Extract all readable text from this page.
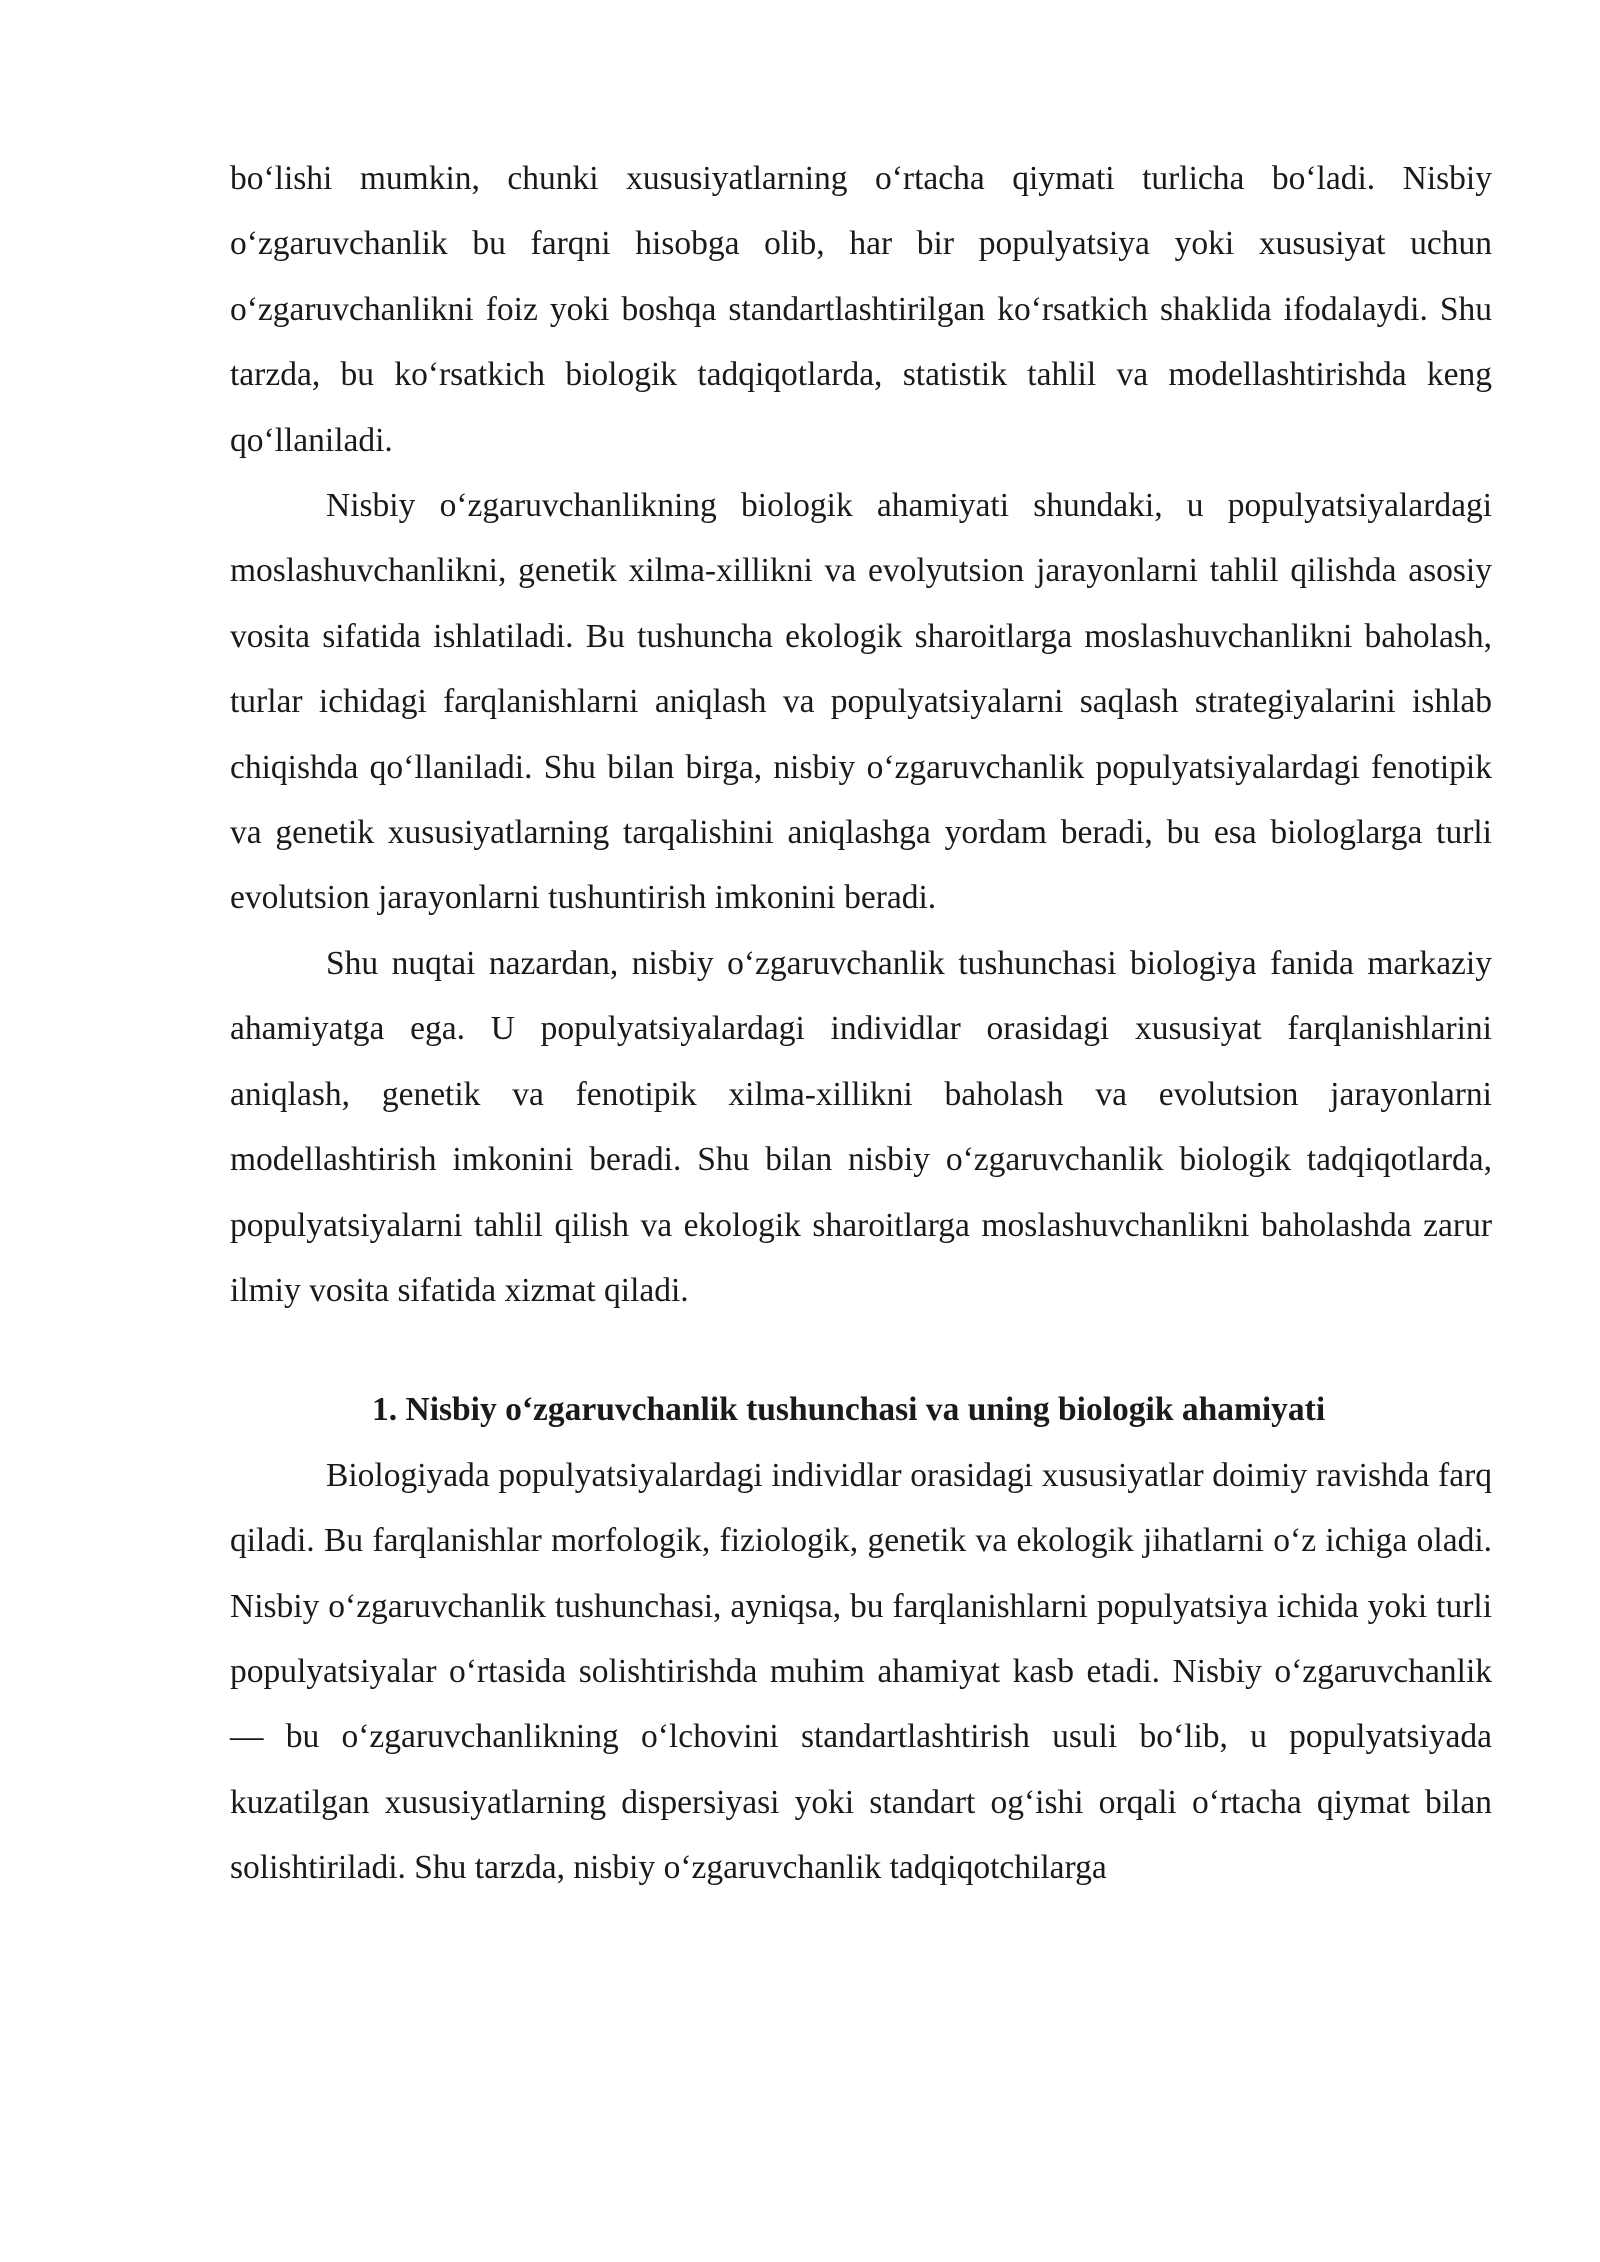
bo‘lishi mumkin, chunki xususiyatlarning o‘rtacha qiymati turlicha bo‘ladi. Nisbiy o‘zgaruvchanlik bu farqni hisobga olib, har bir populyatsiya yoki xususiyat uchun o‘zgaruvchanlikni foiz yoki boshqa standartlashtirilgan ko‘rsatkich shaklida ifodalaydi. Shu tarzda, bu ko‘rsatkich biologik tadqiqotlarda, statistik tahlil va modellashtirishda keng qo‘llaniladi.

Nisbiy o‘zgaruvchanlikning biologik ahamiyati shundaki, u populyatsiyalardagi moslashuvchanlikni, genetik xilma-xillikni va evolyutsion jarayonlarni tahlil qilishda asosiy vosita sifatida ishlatiladi. Bu tushuncha ekologik sharoitlarga moslashuvchanlikni baholash, turlar ichidagi farqlanishlarni aniqlash va populyatsiyalarni saqlash strategiyalarini ishlab chiqishda qo‘llaniladi. Shu bilan birga, nisbiy o‘zgaruvchanlik populyatsiyalardagi fenotipik va genetik xususiyatlarning tarqalishini aniqlashga yordam beradi, bu esa biologlarga turli evolutsion jarayonlarni tushuntirish imkonini beradi.

Shu nuqtai nazardan, nisbiy o‘zgaruvchanlik tushunchasi biologiya fanida markaziy ahamiyatga ega. U populyatsiyalardagi individlar orasidagi xususiyat farqlanishlarini aniqlash, genetik va fenotipik xilma-xillikni baholash va evolutsion jarayonlarni modellashtirish imkonini beradi. Shu bilan nisbiy o‘zgaruvchanlik biologik tadqiqotlarda, populyatsiyalarni tahlil qilish va ekologik sharoitlarga moslashuvchanlikni baholashda zarur ilmiy vosita sifatida xizmat qiladi.

1. Nisbiy o‘zgaruvchanlik tushunchasi va uning biologik ahamiyati

Biologiyada populyatsiyalardagi individlar orasidagi xususiyatlar doimiy ravishda farq qiladi. Bu farqlanishlar morfologik, fiziologik, genetik va ekologik jihatlarni o‘z ichiga oladi. Nisbiy o‘zgaruvchanlik tushunchasi, ayniqsa, bu farqlanishlarni populyatsiya ichida yoki turli populyatsiyalar o‘rtasida solishtirishda muhim ahamiyat kasb etadi. Nisbiy o‘zgaruvchanlik — bu o‘zgaruvchanlikning o‘lchovini standartlashtirish usuli bo‘lib, u populyatsiyada kuzatilgan xususiyatlarning dispersiyasi yoki standart og‘ishi orqali o‘rtacha qiymat bilan solishtiriladi. Shu tarzda, nisbiy o‘zgaruvchanlik tadqiqotchilarga
